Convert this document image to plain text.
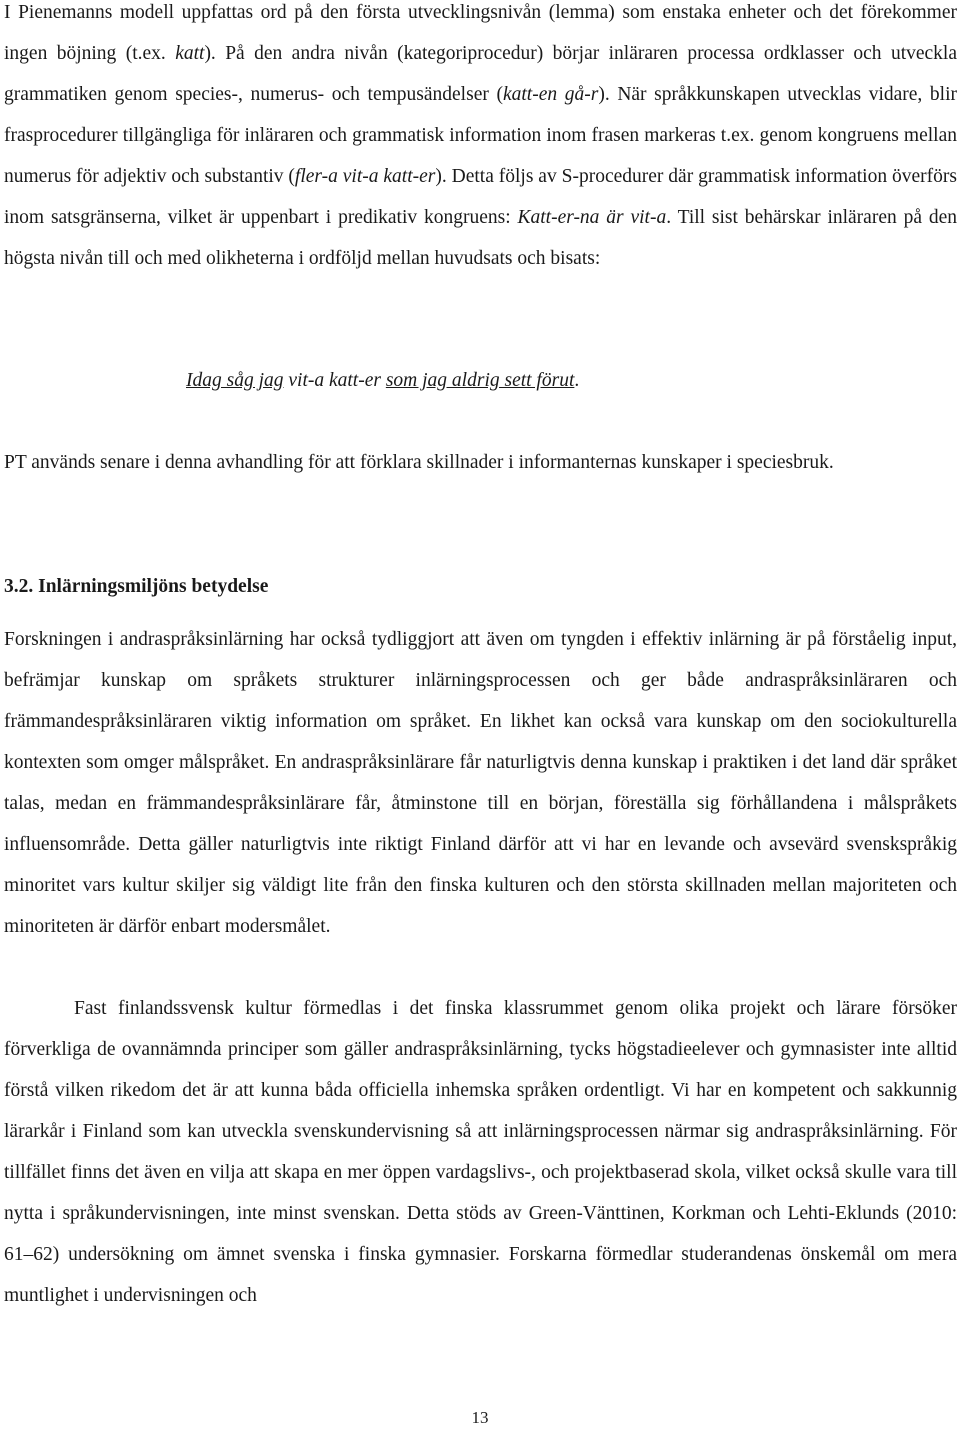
I Pienemanns modell uppfattas ord på den första utvecklingsnivån (lemma) som enstaka enheter och det förekommer ingen böjning (t.ex. katt). På den andra nivån (kategoriprocedur) börjar inläraren processa ordklasser och utveckla grammatiken genom species-, numerus- och tempusändelser (katt-en gå-r). När språkkunskapen utvecklas vidare, blir frasprocedurer tillgängliga för inläraren och grammatisk information inom frasen markeras t.ex. genom kongruens mellan numerus för adjektiv och substantiv (fler-a vit-a katt-er). Detta följs av S-procedurer där grammatisk information överförs inom satsgränserna, vilket är uppenbart i predikativ kongruens: Katt-er-na är vit-a. Till sist behärskar inläraren på den högsta nivån till och med olikheterna i ordföljd mellan huvudsats och bisats:

Idag såg jag vit-a katt-er som jag aldrig sett förut.

PT används senare i denna avhandling för att förklara skillnader i informanternas kunskaper i speciesbruk.

3.2. Inlärningsmiljöns betydelse

Forskningen i andraspråksinlärning har också tydliggjort att även om tyngden i effektiv inlärning är på förståelig input, befrämjar kunskap om språkets strukturer inlärningsprocessen och ger både andraspråksinläraren och främmandespråksinläraren viktig information om språket. En likhet kan också vara kunskap om den sociokulturella kontexten som omger målspråket. En andraspråksinlärare får naturligtvis denna kunskap i praktiken i det land där språket talas, medan en främmandespråksinlärare får, åtminstone till en början, föreställa sig förhållandena i målspråkets influensområde. Detta gäller naturligtvis inte riktigt Finland därför att vi har en levande och avsevärd svenskspråkig minoritet vars kultur skiljer sig väldigt lite från den finska kulturen och den största skillnaden mellan majoriteten och minoriteten är därför enbart modersmålet.

Fast finlandssvensk kultur förmedlas i det finska klassrummet genom olika projekt och lärare försöker förverkliga de ovannämnda principer som gäller andraspråksinlärning, tycks högstadieelever och gymnasister inte alltid förstå vilken rikedom det är att kunna båda officiella inhemska språken ordentligt. Vi har en kompetent och sakkunnig lärarkår i Finland som kan utveckla svenskundervisning så att inlärningsprocessen närmar sig andraspråksinlärning. För tillfället finns det även en vilja att skapa en mer öppen vardagslivs-, och projektbaserad skola, vilket också skulle vara till nytta i språkundervisningen, inte minst svenskan. Detta stöds av Green-Vänttinen, Korkman och Lehti-Eklunds (2010: 61–62) undersökning om ämnet svenska i finska gymnasier. Forskarna förmedlar studerandenas önskemål om mera muntlighet i undervisningen och

13
